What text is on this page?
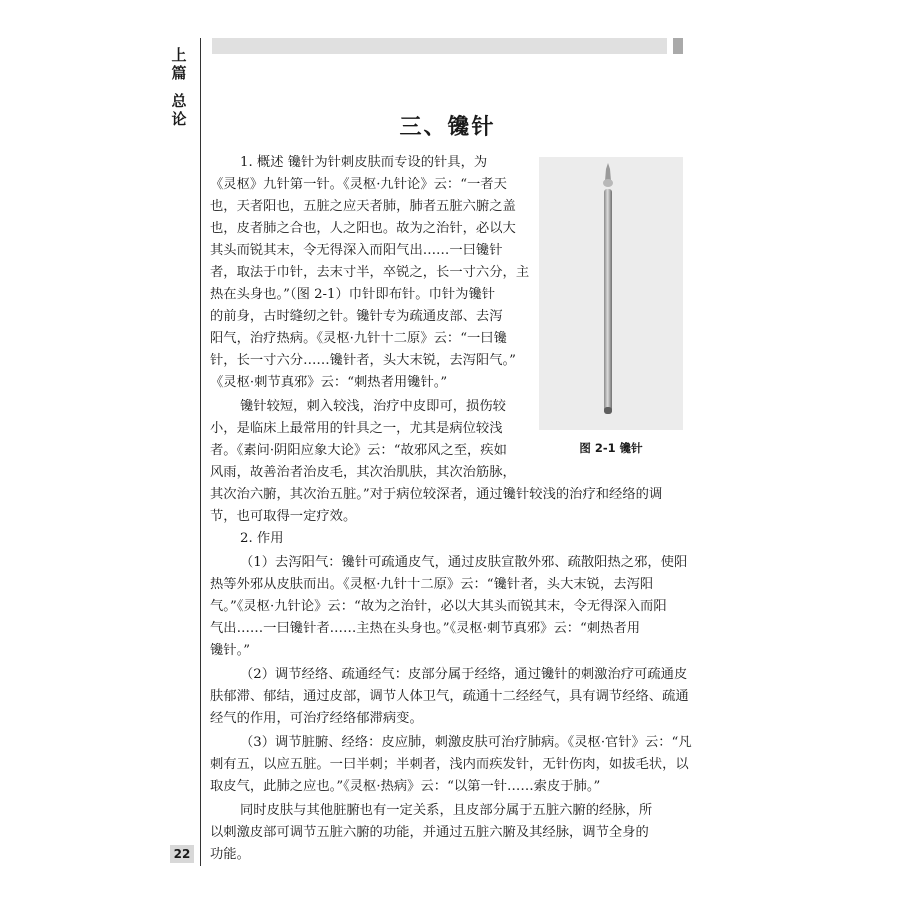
上篇
总论	三、镵针
图 2-1 镵针
1. 概述 镵针为针刺皮肤而专设的针具，为
《灵枢》九针第一针。《灵枢·九针论》云：“一者天
也，天者阳也，五脏之应天者肺，肺者五脏六腑之盖
也，皮者肺之合也，人之阳也。故为之治针，必以大
其头而锐其末，令无得深入而阳气出……一曰镵针
者，取法于巾针，去末寸半，卒锐之，长一寸六分，主
热在头身也。”（图 2-1）巾针即布针。巾针为镵针
的前身，古时缝纫之针。镵针专为疏通皮部、去泻
阳气，治疗热病。《灵枢·九针十二原》云：“一曰镵
针，长一寸六分……镵针者，头大末锐，去泻阳气。”
《灵枢·刺节真邪》云：“刺热者用镵针。”
镵针较短，刺入较浅，治疗中皮即可，损伤较
小，是临床上最常用的针具之一，尤其是病位较浅
者。《素问·阴阳应象大论》云：“故邪风之至，疾如
风雨，故善治者治皮毛，其次治肌肤，其次治筋脉，
其次治六腑，其次治五脏。”对于病位较深者，通过镵针较浅的治疗和经络的调
节，也可取得一定疗效。
2. 作用
（1）去泻阳气：镵针可疏通皮气，通过皮肤宣散外邪、疏散阳热之邪，使阳
热等外邪从皮肤而出。《灵枢·九针十二原》云：“镵针者，头大末锐，去泻阳
气。”《灵枢·九针论》云：“故为之治针，必以大其头而锐其末，令无得深入而阳
气出……一曰镵针者……主热在头身也。”《灵枢·刺节真邪》云：“刺热者用
镵针。”
（2）调节经络、疏通经气：皮部分属于经络，通过镵针的刺激治疗可疏通皮
肤郁滞、郁结，通过皮部，调节人体卫气，疏通十二经经气，具有调节经络、疏通
经气的作用，可治疗经络郁滞病变。
（3）调节脏腑、经络：皮应肺，刺激皮肤可治疗肺病。《灵枢·官针》云：“凡
刺有五，以应五脏。一曰半刺；半刺者，浅内而疾发针，无针伤肉，如拔毛状，以
取皮气，此肺之应也。”《灵枢·热病》云：“以第一针……索皮于肺。”
同时皮肤与其他脏腑也有一定关系，且皮部分属于五脏六腑的经脉，所
以刺激皮部可调节五脏六腑的功能，并通过五脏六腑及其经脉，调节全身的
功能。
22
